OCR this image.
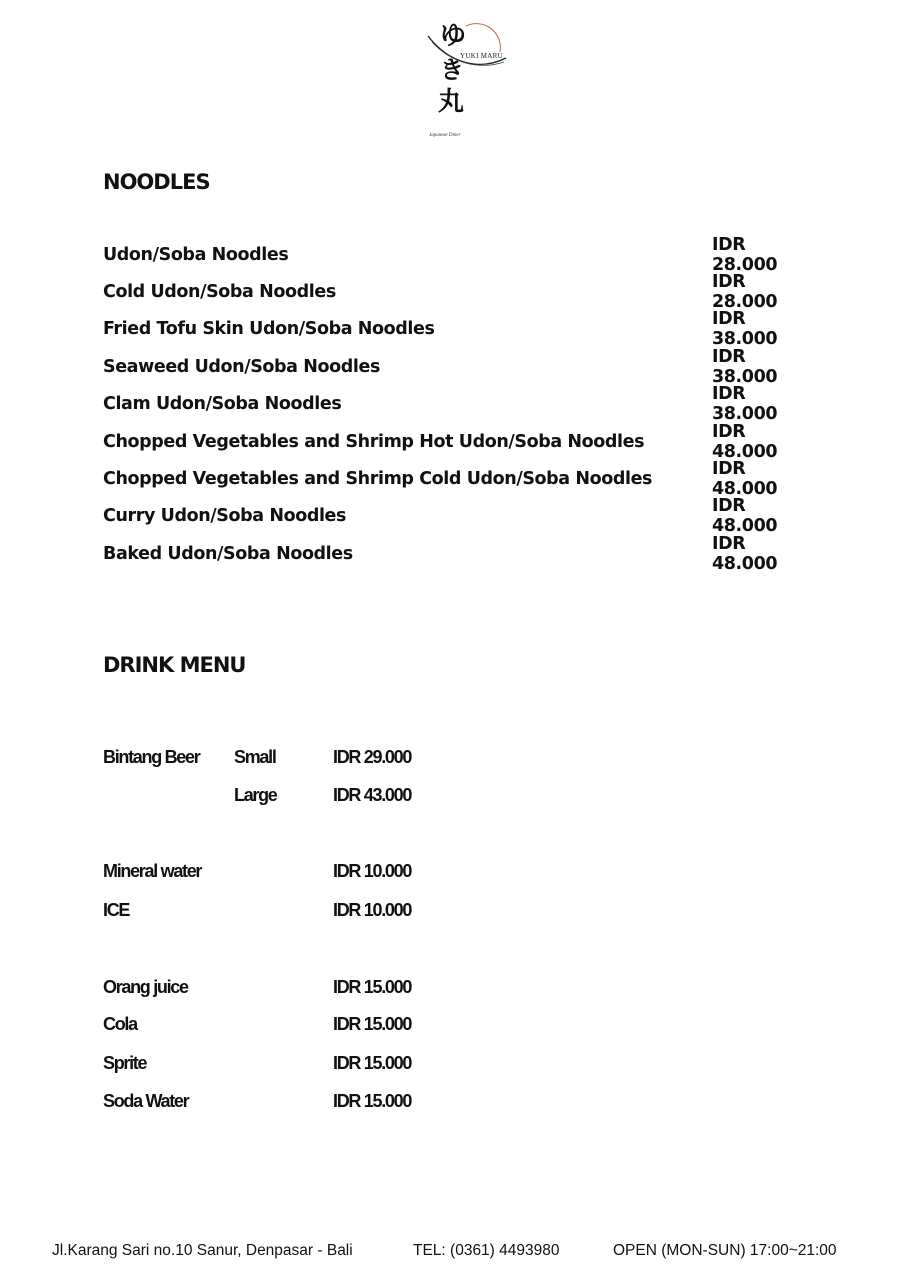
ゆ
き
丸
YUKI MARU
Japanese Diner
NOODLES
Udon/Soba Noodles	IDR 28.000
Cold Udon/Soba Noodles	IDR 28.000
Fried Tofu Skin Udon/Soba Noodles	IDR 38.000
Seaweed Udon/Soba Noodles	IDR 38.000
Clam Udon/Soba Noodles	IDR 38.000
Chopped Vegetables and Shrimp Hot Udon/Soba Noodles	IDR 48.000
Chopped Vegetables and Shrimp Cold Udon/Soba Noodles	IDR 48.000
Curry Udon/Soba Noodles	IDR 48.000
Baked Udon/Soba Noodles	IDR 48.000
DRINK MENU
Bintang Beer Small	IDR 29.000
Large	IDR 43.000
Mineral water	IDR 10.000
ICE	IDR 10.000
Orang juice	IDR 15.000
Cola	IDR 15.000
Sprite	IDR 15.000
Soda Water	IDR 15.000
Jl.Karang Sari no.10 Sanur, Denpasar - Bali	TEL: (0361) 4493980	OPEN (MON-SUN) 17:00~21:00
